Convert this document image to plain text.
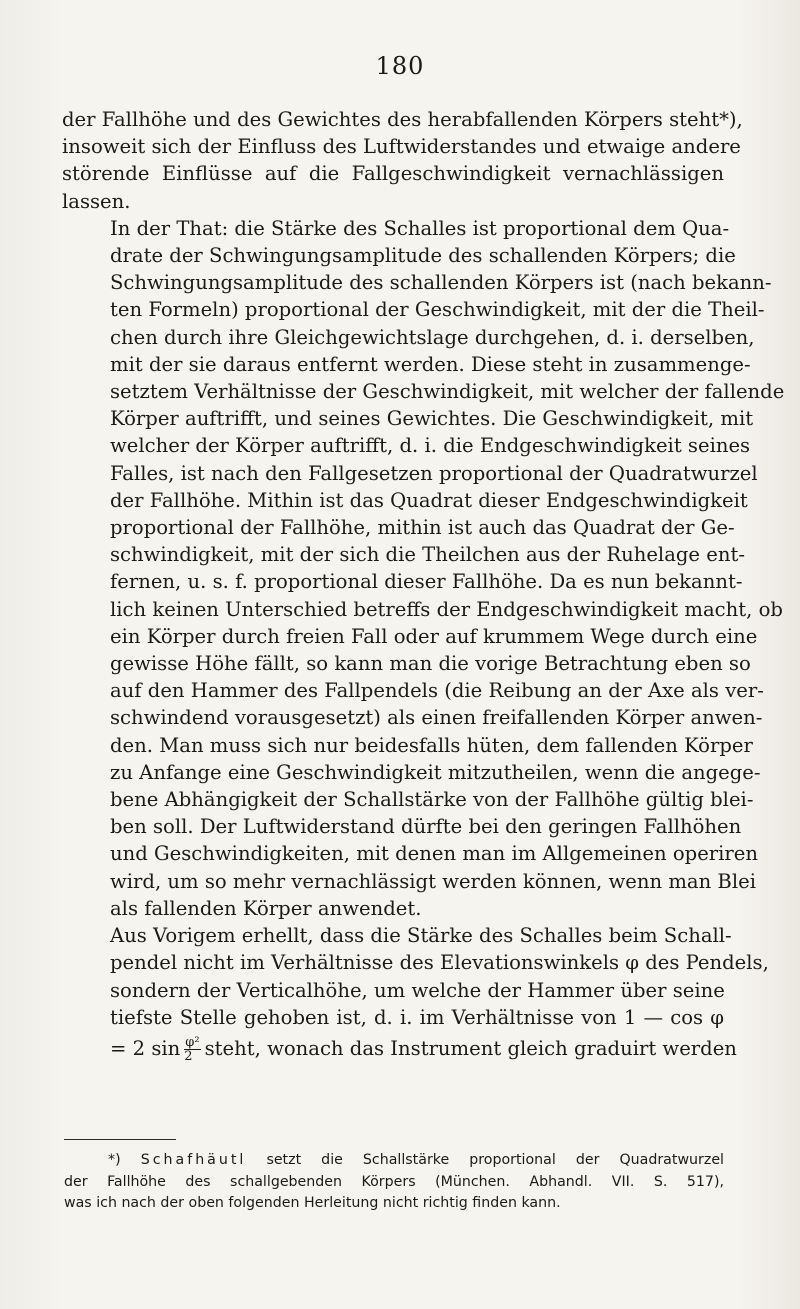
180
der Fallhöhe und des Gewichtes des herabfallenden Körpers steht*),
insoweit sich der Einfluss des Luftwiderstandes und etwaige andere
störende Einflüsse auf die Fallgeschwindigkeit vernachlässigen
lassen.
In der That: die Stärke des Schalles ist proportional dem Qua-
drate der Schwingungsamplitude des schallenden Körpers; die
Schwingungsamplitude des schallenden Körpers ist (nach bekann-
ten Formeln) proportional der Geschwindigkeit, mit der die Theil-
chen durch ihre Gleichgewichtslage durchgehen, d. i. derselben,
mit der sie daraus entfernt werden. Diese steht in zusammenge-
setztem Verhältnisse der Geschwindigkeit, mit welcher der fallende
Körper auftrifft, und seines Gewichtes. Die Geschwindigkeit, mit
welcher der Körper auftrifft, d. i. die Endgeschwindigkeit seines
Falles, ist nach den Fallgesetzen proportional der Quadratwurzel
der Fallhöhe. Mithin ist das Quadrat dieser Endgeschwindigkeit
proportional der Fallhöhe, mithin ist auch das Quadrat der Ge-
schwindigkeit, mit der sich die Theilchen aus der Ruhelage ent-
fernen, u. s. f. proportional dieser Fallhöhe. Da es nun bekannt-
lich keinen Unterschied betreffs der Endgeschwindigkeit macht, ob
ein Körper durch freien Fall oder auf krummem Wege durch eine
gewisse Höhe fällt, so kann man die vorige Betrachtung eben so
auf den Hammer des Fallpendels (die Reibung an der Axe als ver-
schwindend vorausgesetzt) als einen freifallenden Körper anwen-
den. Man muss sich nur beidesfalls hüten, dem fallenden Körper
zu Anfange eine Geschwindigkeit mitzutheilen, wenn die angege-
bene Abhängigkeit der Schallstärke von der Fallhöhe gültig blei-
ben soll. Der Luftwiderstand dürfte bei den geringen Fallhöhen
und Geschwindigkeiten, mit denen man im Allgemeinen operiren
wird, um so mehr vernachlässigt werden können, wenn man Blei
als fallenden Körper anwendet.
Aus Vorigem erhellt, dass die Stärke des Schalles beim Schall-
pendel nicht im Verhältnisse des Elevationswinkels φ des Pendels,
sondern der Verticalhöhe, um welche der Hammer über seine
tiefste Stelle gehoben ist, d. i. im Verhältnisse von 1 — cos φ
= 2 $\sin \frac{\text{φ²}}{2}$ steht, wonach das Instrument gleich graduirt werden
*) Schafhäutl setzt die Schallstärke proportional der Quadratwurzel
der Fallhöhe des schallgebenden Körpers (München. Abhandl. VII. S. 517),
was ich nach der oben folgenden Herleitung nicht richtig finden kann.
